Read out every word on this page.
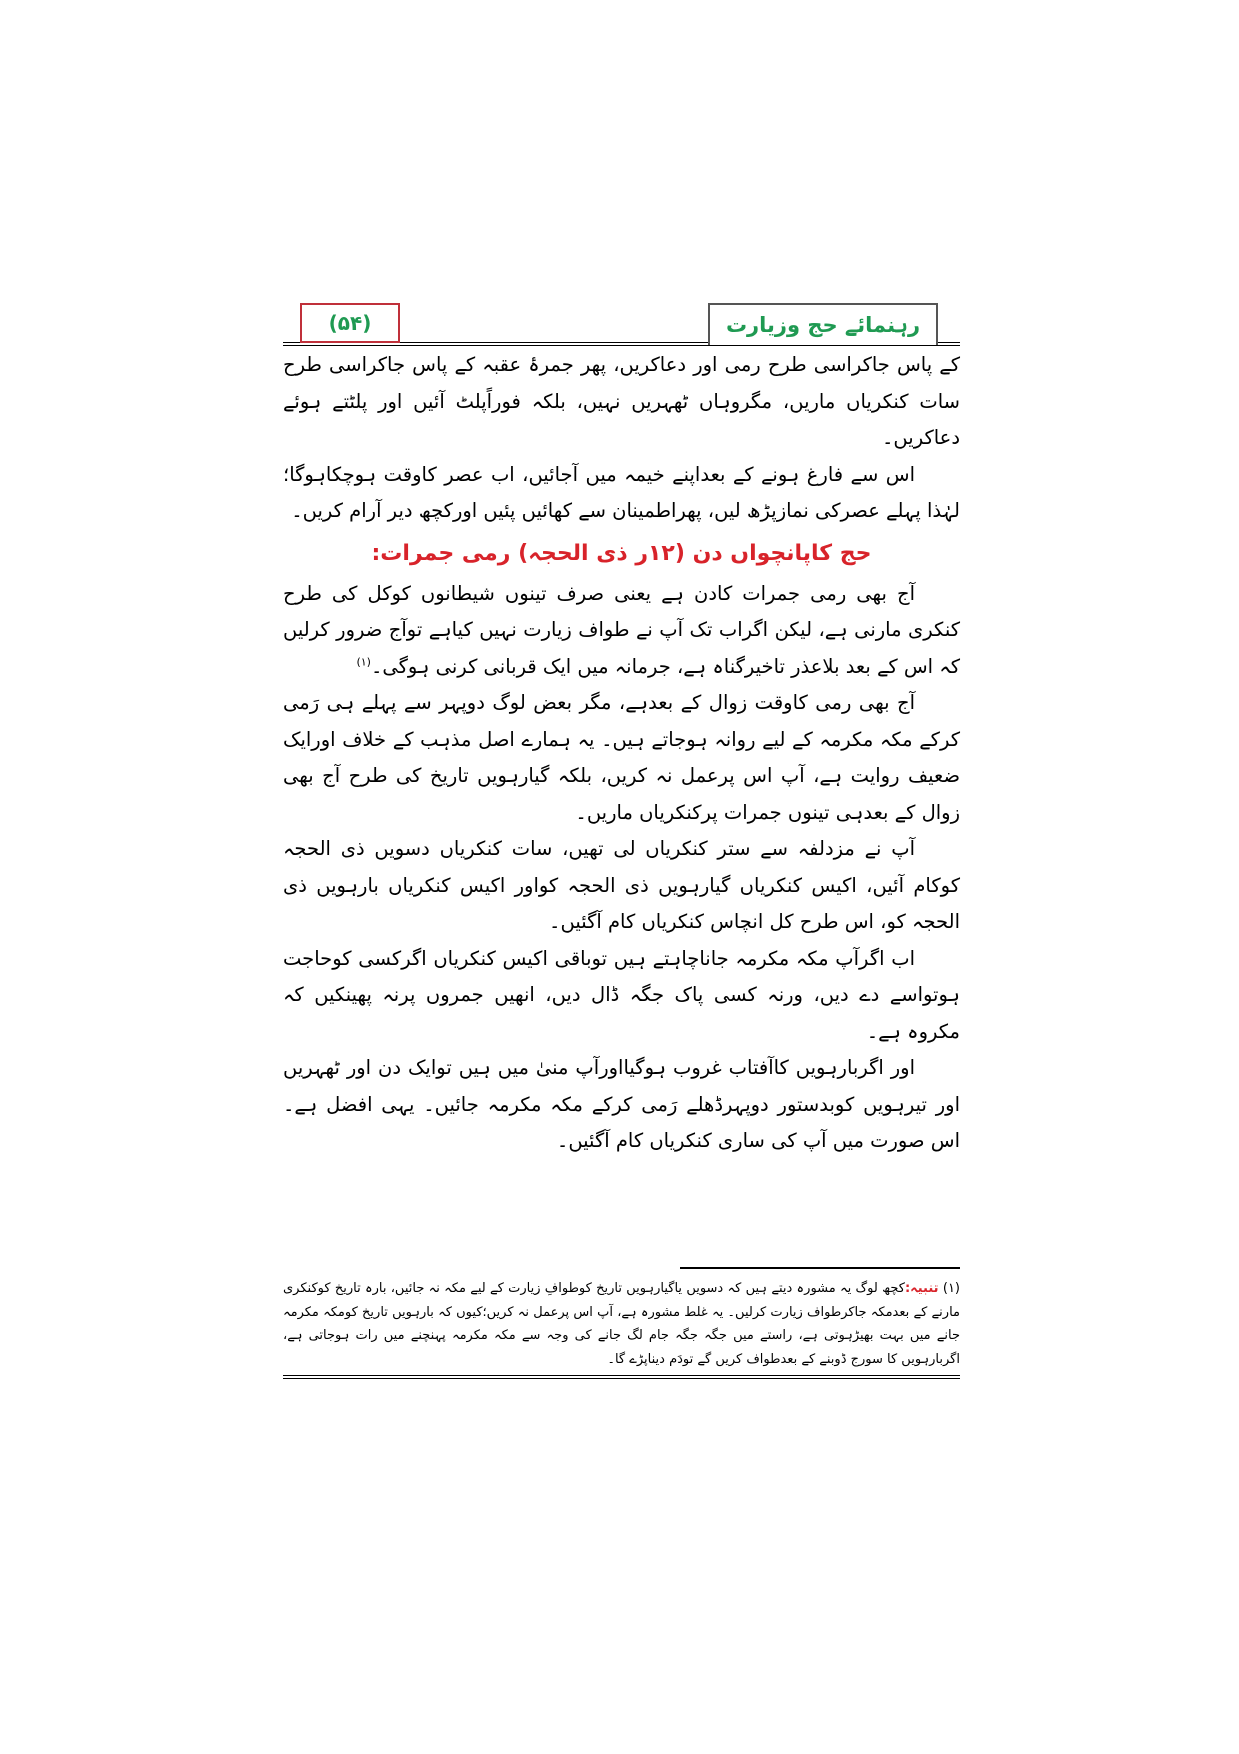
(۵۴)	رہنمائے حج وزیارت

کے پاس جاکراسی طرح رمی اور دعاکریں، پھر جمرۂ عقبہ کے پاس جاکراسی طرح سات کنکریاں ماریں، مگروہاں ٹھہریں نہیں، بلکہ فوراًپلٹ آئیں اور پلٹتے ہوئے دعاکریں۔

اس سے فارغ ہونے کے بعداپنے خیمہ میں آجائیں، اب عصر کاوقت ہوچکاہوگا؛لہٰذا پہلے عصرکی نمازپڑھ لیں، پھراطمینان سے کھائیں پئیں اورکچھ دیر آرام کریں۔

حج کاپانچواں دن (۱۲ر ذی الحجہ) رمی جمرات:

آج بھی رمی جمرات کادن ہے یعنی صرف تینوں شیطانوں کوکل کی طرح کنکری مارنی ہے، لیکن اگراب تک آپ نے طواف زیارت نہیں کیاہے توآج ضرور کرلیں کہ اس کے بعد بلاعذر تاخیرگناہ ہے، جرمانہ میں ایک قربانی کرنی ہوگی۔$^{(۱)}$

آج بھی رمی کاوقت زوال کے بعدہے، مگر بعض لوگ دوپہر سے پہلے ہی رَمی کرکے مکہ مکرمہ کے لیے روانہ ہوجاتے ہیں۔ یہ ہمارے اصل مذہب کے خلاف اورایک ضعیف روایت ہے، آپ اس پرعمل نہ کریں، بلکہ گیارہویں تاریخ کی طرح آج بھی زوال کے بعدہی تینوں جمرات پرکنکریاں ماریں۔

آپ نے مزدلفہ سے ستر کنکریاں لی تھیں، سات کنکریاں دسویں ذی الحجہ کوکام آئیں، اکیس کنکریاں گیارہویں ذی الحجہ کواور اکیس کنکریاں بارہویں ذی الحجہ کو، اس طرح کل انچاس کنکریاں کام آگئیں۔

اب اگرآپ مکہ مکرمہ جاناچاہتے ہیں توباقی اکیس کنکریاں اگرکسی کوحاجت ہوتواسے دے دیں، ورنہ کسی پاک جگہ ڈال دیں، انھیں جمروں پرنہ پھینکیں کہ مکروہ ہے۔

اور اگربارہویں کاآفتاب غروب ہوگیااورآپ منیٰ میں ہیں توایک دن اور ٹھہریں اور تیرہویں کوبدستور دوپہرڈھلے رَمی کرکے مکہ مکرمہ جائیں۔ یہی افضل ہے۔ اس صورت میں آپ کی ساری کنکریاں کام آگئیں۔

(۱) تنبیہ:کچھ لوگ یہ مشورہ دیتے ہیں کہ دسویں یاگیارہویں تاریخ کوطوافِ زیارت کے لیے مکہ نہ جائیں، بارہ تاریخ کوکنکری مارنے کے بعدمکہ جاکرطواف زیارت کرلیں۔ یہ غلط مشورہ ہے، آپ اس پرعمل نہ کریں؛کیوں کہ بارہویں تاریخ کومکہ مکرمہ جانے میں بہت بھیڑہوتی ہے، راستے میں جگہ جگہ جام لگ جانے کی وجہ سے مکہ مکرمہ پہنچنے میں رات ہوجاتی ہے، اگربارہویں کا سورج ڈوبنے کے بعدطواف کریں گے تودَم دیناپڑے گا۔
